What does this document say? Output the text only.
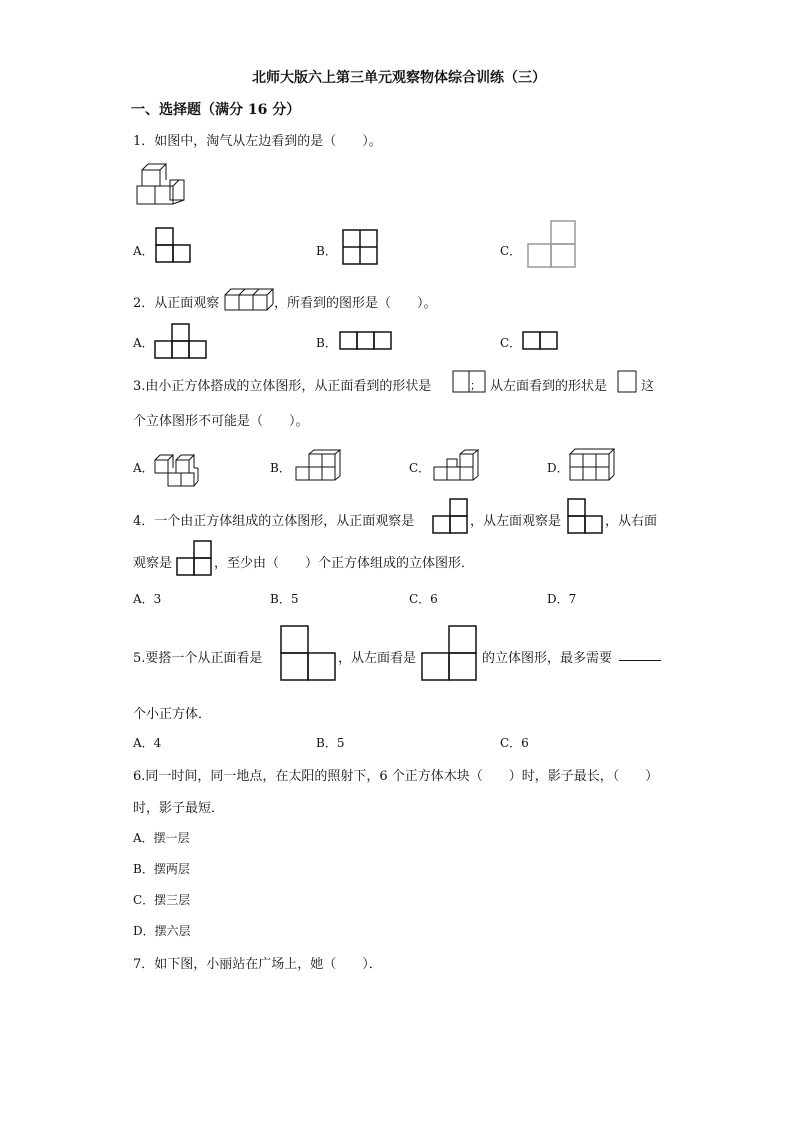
北师大版六上第三单元观察物体综合训练（三）
一、选择题（满分 16 分）
1．如图中，淘气从左边看到的是（　　）。
A．	B．	C．
2．从正面观察	，所看到的图形是（　　）。
A．	B．	C．
3.由小正方体搭成的立体图形，从正面看到的形状是	； 从左面看到的形状是	这
个立体图形不可能是（　　）。
A．	B．	C．	D．
4．一个由正方体组成的立体图形，从正面观察是	，从左面观察是	，从右面
观察是	，至少由（　　）个正方体组成的立体图形．
A．3	B．5	C．6	D．7
5.要搭一个从正面看是	，从左面看是	的立体图形，最多需要
个小正方体．
A．4	B．5	C．6
6.同一时间，同一地点，在太阳的照射下，6 个正方体木块（　　）时，影子最长，（　　）
时，影子最短．
A．摆一层
B．摆两层
C．摆三层
D．摆六层
7．如下图，小丽站在广场上，她（　　）．
